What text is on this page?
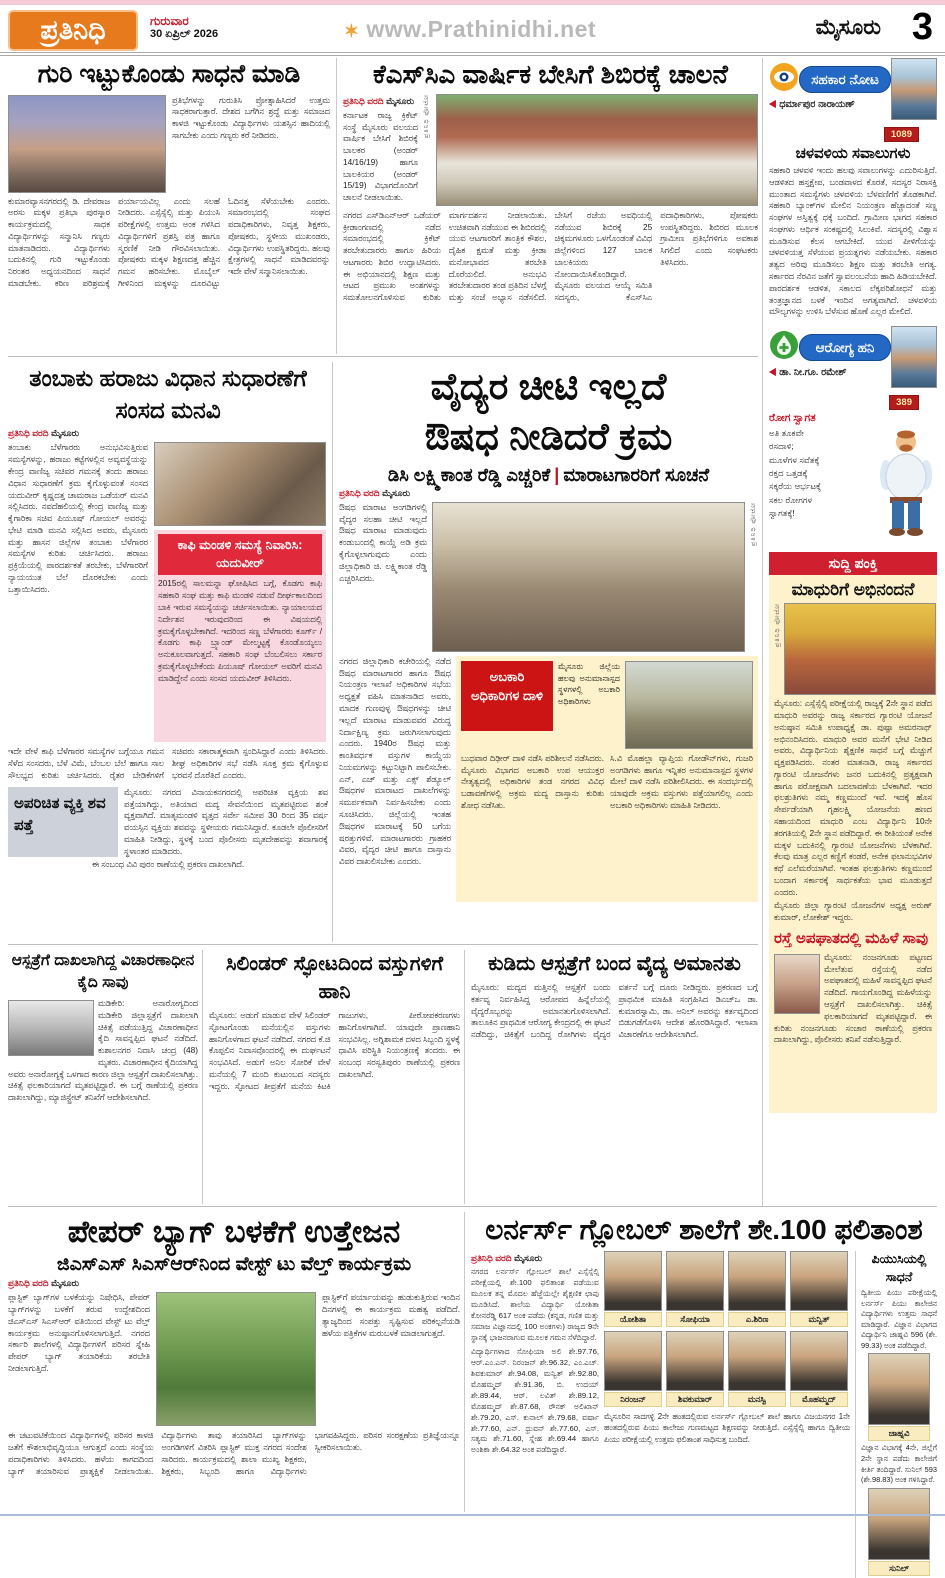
ಪ್ರತಿನಿಧಿ	ಗುರುವಾರ
30 ಏಪ್ರಿಲ್ 2026	✶ www.Prathinidhi.net	ಮೈಸೂರು 3
ಗುರಿ ಇಟ್ಟುಕೊಂಡು ಸಾಧನೆ ಮಾಡಿ
ಪ್ರತಿಭೆಗಳನ್ನು ಗುರುತಿಸಿ ಪ್ರೋತ್ಸಾಹಿಸಿದರೆ ಉತ್ತಮ ಸಾಧಕರಾಗುತ್ತಾರೆ. ದೇಶದ ಬಗೆಗಿನ ಶ್ರದ್ಧೆ ಮತ್ತು ಸಮಾಜದ ಕಾಳಜಿ ಇಟ್ಟುಕೊಂಡು ವಿದ್ಯಾರ್ಥಿಗಳು ಯಶಸ್ಸಿನ ಹಾದಿಯಲ್ಲಿ ಸಾಗಬೇಕು ಎಂದು ಗಣ್ಯರು ಕರೆ ನೀಡಿದರು.
ಕುಮಾರವ್ಯಾಸನಗರದಲ್ಲಿ ಡಿ. ದೇವರಾಜ ಅರಸು ಮಕ್ಕಳ ಪ್ರತಿಭಾ ಪುರಸ್ಕಾರ ಕಾರ್ಯಕ್ರಮದಲ್ಲಿ ಸಾಧಕ ವಿದ್ಯಾರ್ಥಿಗಳನ್ನು ಸನ್ಮಾನಿಸಿ ಗಣ್ಯರು ಮಾತನಾಡಿದರು. ವಿದ್ಯಾರ್ಥಿಗಳು ಬದುಕಿನಲ್ಲಿ ಗುರಿ ಇಟ್ಟುಕೊಂಡು ನಿರಂತರ ಅಧ್ಯಯನದಿಂದ ಸಾಧನೆ ಮಾಡಬೇಕು. ಕಠಿಣ ಪರಿಶ್ರಮಕ್ಕೆ ಪರ್ಯಾಯವಿಲ್ಲ ಎಂದು ಸಲಹೆ ನೀಡಿದರು. ಎಸ್ಸೆಸ್ಸೆಲ್ಸಿ ಮತ್ತು ಪಿಯುಸಿ ಪರೀಕ್ಷೆಗಳಲ್ಲಿ ಉತ್ತಮ ಅಂಕ ಗಳಿಸಿದ ವಿದ್ಯಾರ್ಥಿಗಳಿಗೆ ಪ್ರಶಸ್ತಿ ಪತ್ರ ಹಾಗೂ ಸ್ಮರಣಿಕೆ ನೀಡಿ ಗೌರವಿಸಲಾಯಿತು. ಪೋಷಕರು ಮಕ್ಕಳ ಶಿಕ್ಷಣದತ್ತ ಹೆಚ್ಚಿನ ಗಮನ ಹರಿಸಬೇಕು. ಮೊಬೈಲ್ ಗೀಳಿನಿಂದ ಮಕ್ಕಳನ್ನು ದೂರವಿಟ್ಟು ಓದಿನತ್ತ ಸೆಳೆಯಬೇಕು ಎಂದರು. ಸಮಾರಂಭದಲ್ಲಿ ಸಂಘದ ಪದಾಧಿಕಾರಿಗಳು, ನಿವೃತ್ತ ಶಿಕ್ಷಕರು, ಪೋಷಕರು, ಸ್ಥಳೀಯ ಮುಖಂಡರು, ವಿದ್ಯಾರ್ಥಿಗಳು ಉಪಸ್ಥಿತರಿದ್ದರು. ಹಲವು ಕ್ಷೇತ್ರಗಳಲ್ಲಿ ಸಾಧನೆ ಮಾಡಿದವರನ್ನು ಇದೇ ವೇಳೆ ಸನ್ಮಾನಿಸಲಾಯಿತು.
ಕೆಎಸ್‌ಸಿಎ ವಾರ್ಷಿಕ ಬೇಸಿಗೆ ಶಿಬಿರಕ್ಕೆ ಚಾಲನೆ
ಪ್ರತಿನಿಧಿ ವರದಿ ಮೈಸೂರು
ಕರ್ನಾಟಕ ರಾಜ್ಯ ಕ್ರಿಕೆಟ್ ಸಂಸ್ಥೆ ಮೈಸೂರು ವಲಯದ ವಾರ್ಷಿಕ ಬೇಸಿಗೆ ಶಿಬಿರಕ್ಕೆ ಬಾಲಕರ (ಅಂಡರ್ 14/16/19) ಹಾಗೂ ಬಾಲಕಿಯರ (ಅಂಡರ್ 15/19) ವಿಭಾಗದೊಂದಿಗೆ ಚಾಲನೆ ನೀಡಲಾಯಿತು.
ಪ್ರತಿನಿಧಿ ಫೋಟೋ
ನಗರದ ಎಸ್‌ಡಿಎನ್‌ಆರ್ ಒಡೆಯರ್ ಕ್ರೀಡಾಂಗಣದಲ್ಲಿ ನಡೆದ ಸಮಾರಂಭದಲ್ಲಿ ಕ್ರಿಕೆಟ್ ತರಬೇತುದಾರರು ಹಾಗೂ ಹಿರಿಯ ಆಟಗಾರರು ಶಿಬಿರ ಉದ್ಘಾಟಿಸಿದರು. ಈ ಅಭಿಯಾನದಲ್ಲಿ ಶಿಕ್ಷಣ ಮತ್ತು ಆಟದ ಪ್ರಮುಖ ಅಂಶಗಳನ್ನು ಸಮತೋಲನಗೊಳಿಸುವ ಕುರಿತು ಮಾರ್ಗದರ್ಶನ ನೀಡಲಾಯಿತು. ಉಚಿತವಾಗಿ ನಡೆಯುವ ಈ ಶಿಬಿರದಲ್ಲಿ ಯುವ ಆಟಗಾರರಿಗೆ ತಾಂತ್ರಿಕ ಕೌಶಲ, ದೈಹಿಕ ಕ್ಷಮತೆ ಮತ್ತು ಕ್ರೀಡಾ ಮನೋಭಾವದ ತರಬೇತಿ ದೊರೆಯಲಿದೆ. ಅನುಭವಿ ತರಬೇತುದಾರರ ತಂಡ ಪ್ರತಿದಿನ ಬೆಳಗ್ಗೆ ಮತ್ತು ಸಂಜೆ ಅಭ್ಯಾಸ ನಡೆಸಲಿದೆ. ಬೇಸಿಗೆ ರಜೆಯ ಅವಧಿಯಲ್ಲಿ ನಡೆಯುವ ಶಿಬಿರಕ್ಕೆ 25 ಚಿಕ್ಕಮಗಳೂರು ಒಳಗೊಂಡಂತೆ ವಿವಿಧ ಜಿಲ್ಲೆಗಳಿಂದ 127 ಬಾಲಕ ಬಾಲಕಿಯರು ನೋಂದಾಯಿಸಿಕೊಂಡಿದ್ದಾರೆ. ಮೈಸೂರು ವಲಯದ ಆಯ್ಕೆ ಸಮಿತಿ ಸದಸ್ಯರು, ಕೆಎಸ್‌ಸಿಎ ಪದಾಧಿಕಾರಿಗಳು, ಪೋಷಕರು ಉಪಸ್ಥಿತರಿದ್ದರು. ಶಿಬಿರದ ಮೂಲಕ ಗ್ರಾಮೀಣ ಪ್ರತಿಭೆಗಳಿಗೂ ಅವಕಾಶ ಸಿಗಲಿದೆ ಎಂದು ಸಂಘಟಕರು ತಿಳಿಸಿದರು.
ಸಹಕಾರ ನೋಟ
◀ ಧರ್ಮಾಪುರ ನಾರಾಯಣ್
1089
ಚಳವಳಿಯ ಸವಾಲುಗಳು
ಸಹಕಾರಿ ಚಳವಳಿ ಇಂದು ಹಲವು ಸವಾಲುಗಳನ್ನು ಎದುರಿಸುತ್ತಿದೆ. ಆಡಳಿತದ ಹಸ್ತಕ್ಷೇಪ, ಬಂಡವಾಳದ ಕೊರತೆ, ಸದಸ್ಯರ ನಿರಾಸಕ್ತಿ ಮುಂತಾದ ಸಮಸ್ಯೆಗಳು ಚಳವಳಿಯ ಬೆಳವಣಿಗೆಗೆ ತೊಡಕಾಗಿವೆ. ಸಹಕಾರಿ ಬ್ಯಾಂಕ್‌ಗಳ ಮೇಲಿನ ನಿಯಂತ್ರಣ ಹೆಚ್ಚಾದಂತೆ ಸಣ್ಣ ಸಂಘಗಳ ಅಸ್ತಿತ್ವಕ್ಕೆ ಧಕ್ಕೆ ಬಂದಿದೆ. ಗ್ರಾಮೀಣ ಭಾಗದ ಸಹಕಾರ ಸಂಘಗಳು ಆರ್ಥಿಕ ಸಂಕಷ್ಟದಲ್ಲಿ ಸಿಲುಕಿವೆ. ಸದಸ್ಯರಲ್ಲಿ ವಿಶ್ವಾಸ ಮೂಡಿಸುವ ಕೆಲಸ ಆಗಬೇಕಿದೆ. ಯುವ ಪೀಳಿಗೆಯನ್ನು ಚಳವಳಿಯತ್ತ ಸೆಳೆಯುವ ಪ್ರಯತ್ನಗಳು ನಡೆಯಬೇಕು. ಸಹಕಾರ ತತ್ವದ ಅರಿವು ಮೂಡಿಸಲು ಶಿಕ್ಷಣ ಮತ್ತು ತರಬೇತಿ ಅಗತ್ಯ. ಸರ್ಕಾರದ ನೆರವಿನ ಜತೆಗೆ ಸ್ವಾವಲಂಬನೆಯ ಹಾದಿ ಹಿಡಿಯಬೇಕಿದೆ. ಪಾರದರ್ಶಕ ಆಡಳಿತ, ಸಕಾಲದ ಲೆಕ್ಕಪರಿಶೋಧನೆ ಮತ್ತು ತಂತ್ರಜ್ಞಾನದ ಬಳಕೆ ಇಂದಿನ ಅಗತ್ಯವಾಗಿದೆ. ಚಳವಳಿಯ ಮೌಲ್ಯಗಳನ್ನು ಉಳಿಸಿ ಬೆಳೆಸುವ ಹೊಣೆ ಎಲ್ಲರ ಮೇಲಿದೆ.
ಆರೋಗ್ಯ ಹನಿ
◀ ಡಾ. ನೀ.ಗೂ. ರಮೇಶ್
389
ರೋಗ ಸ್ವಾಗತ
ಅತಿ ತೂಕವೇ
ರಸದಾಳಿ;
ಮೂಳೆಗಳ ಸವೆತಕ್ಕೆ
ರಕ್ತದ ಒತ್ತಡಕ್ಕೆ
ಸಕ್ಕರೆಯ ಆರ್ಭಟಕ್ಕೆ
ಸಕಲ ರೋಗಗಳ
ಸ್ವಾಗತಕ್ಕೆ!
ಸುದ್ದಿ ಪಂಕ್ತಿ
ಮಾಧುರಿಗೆ ಅಭಿನಂದನೆ
ಪ್ರತಿನಿಧಿ ಫೋಟೋ
ಮೈಸೂರು: ಎಸ್ಸೆಸ್ಸೆಲ್ಸಿ ಪರೀಕ್ಷೆಯಲ್ಲಿ ರಾಜ್ಯಕ್ಕೆ 2ನೇ ಸ್ಥಾನ ಪಡೆದ ಮಾಧುರಿ ಅವರನ್ನು ರಾಜ್ಯ ಸರ್ಕಾರದ ಗ್ಯಾರಂಟಿ ಯೋಜನೆ ಅನುಷ್ಠಾನ ಸಮಿತಿ ಉಪಾಧ್ಯಕ್ಷೆ ಡಾ. ಪುಷ್ಪಾ ಅಮರನಾಥ್ ಅಭಿನಂದಿಸಿದರು. ಮಾಧುರಿ ಅವರ ಮನೆಗೆ ಭೇಟಿ ನೀಡಿದ ಅವರು, ವಿದ್ಯಾರ್ಥಿನಿಯ ಶೈಕ್ಷಣಿಕ ಸಾಧನೆ ಬಗ್ಗೆ ಮೆಚ್ಚುಗೆ ವ್ಯಕ್ತಪಡಿಸಿದರು. ನಂತರ ಮಾತನಾಡಿ, ರಾಜ್ಯ ಸರ್ಕಾರದ ಗ್ಯಾರಂಟಿ ಯೋಜನೆಗಳು ಜನರ ಬದುಕಿನಲ್ಲಿ ಪ್ರತ್ಯಕ್ಷವಾಗಿ ಹಾಗೂ ಪರೋಕ್ಷವಾಗಿ ಬದಲಾವಣೆಯ ಬೆಳಕಾಗಿವೆ. ಇದರ ಫಲಶ್ರುತಿಗಳು ನಮ್ಮ ಕಣ್ಣಮುಂದೆ ಇವೆ. ಇದಕ್ಕೆ ಹೊಸ ಸೇರ್ಪಡೆಯಾಗಿ ಗೃಹಲಕ್ಷ್ಮಿ ಯೋಜನೆಯ ಹಣದ ಸಹಾಯದಿಂದ ಮಾಧುರಿ ಎಂಬ ವಿದ್ಯಾರ್ಥಿನಿ 10ನೇ ತರಗತಿಯಲ್ಲಿ 2ನೇ ಸ್ಥಾನ ಪಡೆದಿದ್ದಾರೆ. ಈ ರೀತಿಯಂತೆ ಅನೇಕ ಮಕ್ಕಳ ಬದುಕಿನಲ್ಲಿ ಗ್ಯಾರಂಟಿ ಯೋಜನೆಗಳು ಬೆಳಕಾಗಿವೆ. ಕೆಲವು ಮಾತ್ರ ಎಲ್ಲರ ಕಣ್ಣಿಗೆ ಕಂಡರೆ, ಅನೇಕ ಫಲಾನುಭವಿಗಳ ಕಥೆ ಎಲೆಮರೆಯಾಗಿವೆ. ಇಂತಹ ಫಲಶ್ರುತಿಗಳು ಕಣ್ಣಮುಂದೆ ಬಂದಾಗ ಸರ್ಕಾರಕ್ಕೆ ಸಾರ್ಥಕತೆಯ ಭಾವ ಮೂಡುತ್ತದೆ ಎಂದರು.
ಮೈಸೂರು ಜಿಲ್ಲಾ ಗ್ಯಾರಂಟಿ ಯೋಜನೆಗಳ ಅಧ್ಯಕ್ಷ ಅರುಣ್ ಕುಮಾರ್, ಲೋಕೇಶ್ ಇದ್ದರು.
ರಸ್ತೆ ಅಪಘಾತದಲ್ಲಿ ಮಹಿಳೆ ಸಾವು
ಮೈಸೂರು: ನಂಜನಗೂಡು ಪಟ್ಟಣದ ಮೇಲೆತುವ ರಸ್ತೆಯಲ್ಲಿ ನಡೆದ ಅಪಘಾತದಲ್ಲಿ ಮಹಿಳೆ ಸಾವನ್ನಪ್ಪಿದ ಘಟನೆ ನಡೆದಿದೆ. ಗಾಯಗೊಂಡಿದ್ದ ಮಹಿಳೆಯನ್ನು ಆಸ್ಪತ್ರೆಗೆ ದಾಖಲಿಸಲಾಗಿತ್ತು. ಚಿಕಿತ್ಸೆ ಫಲಕಾರಿಯಾಗದೆ ಮೃತಪಟ್ಟಿದ್ದಾರೆ. ಈ ಕುರಿತು ನಂಜನಗೂಡು ಸಂಚಾರ ಠಾಣೆಯಲ್ಲಿ ಪ್ರಕರಣ ದಾಖಲಾಗಿದ್ದು, ಪೊಲೀಸರು ತನಿಖೆ ನಡೆಸುತ್ತಿದ್ದಾರೆ.
ತಂಬಾಕು ಹರಾಜು ವಿಧಾನ ಸುಧಾರಣೆಗೆ ಸಂಸದ ಮನವಿ
ಪ್ರತಿನಿಧಿ ವರದಿ ಮೈಸೂರು
ತಂಬಾಕು ಬೆಳೆಗಾರರು ಅನುಭವಿಸುತ್ತಿರುವ ಸಮಸ್ಯೆಗಳನ್ನು, ಹರಾಜು ಕಟ್ಟೆಗಳಲ್ಲಿನ ಅವ್ಯವಸ್ಥೆಯನ್ನು ಕೇಂದ್ರ ವಾಣಿಜ್ಯ ಸಚಿವರ ಗಮನಕ್ಕೆ ತಂದು ಹರಾಜು ವಿಧಾನ ಸುಧಾರಣೆಗೆ ಕ್ರಮ ಕೈಗೊಳ್ಳುವಂತೆ ಸಂಸದ ಯದುವೀರ್ ಕೃಷ್ಣದತ್ತ ಚಾಮರಾಜ ಒಡೆಯರ್ ಮನವಿ ಸಲ್ಲಿಸಿದರು. ನವದೆಹಲಿಯಲ್ಲಿ ಕೇಂದ್ರ ವಾಣಿಜ್ಯ ಮತ್ತು ಕೈಗಾರಿಕಾ ಸಚಿವ ಪಿಯೂಷ್ ಗೋಯಲ್ ಅವರನ್ನು ಭೇಟಿ ಮಾಡಿ ಮನವಿ ಸಲ್ಲಿಸಿದ ಅವರು, ಮೈಸೂರು ಮತ್ತು ಹಾಸನ ಜಿಲ್ಲೆಗಳ ತಂಬಾಕು ಬೆಳೆಗಾರರ ಸಮಸ್ಯೆಗಳ ಕುರಿತು ಚರ್ಚಿಸಿದರು. ಹರಾಜು ಪ್ರಕ್ರಿಯೆಯಲ್ಲಿ ಪಾರದರ್ಶಕತೆ ತರಬೇಕು, ಬೆಳೆಗಾರರಿಗೆ ನ್ಯಾಯಯುತ ಬೆಲೆ ದೊರಕಬೇಕು ಎಂದು ಒತ್ತಾಯಿಸಿದರು.
ಕಾಫಿ ಮಂಡಳಿ ಸಮಸ್ಯೆ ನಿವಾರಿಸಿ: ಯದುವೀರ್
2015ರಲ್ಲಿ ಸಾಲಮನ್ನಾ ಘೋಷಿಸಿದ ಬಗ್ಗೆ, ಕೊಡಗು ಕಾಫಿ ಸಹಕಾರಿ ಸಂಘ ಮತ್ತು ಕಾಫಿ ಮಂಡಳಿ ನಡುವೆ ದೀರ್ಘಕಾಲದಿಂದ ಬಾಕಿ ಇರುವ ಸಮಸ್ಯೆಯನ್ನು ಚರ್ಚಿಸಲಾಯಿತು. ನ್ಯಾಯಾಲಯದ ನಿರ್ದೇಶನ ಇರುವುದರಿಂದ ಈ ವಿಷಯದಲ್ಲಿ ಕ್ರಮಕೈಗೊಳ್ಳಬೇಕಾಗಿದೆ. ಇದರಿಂದ ಸಣ್ಣ ಬೆಳೆಗಾರರು ಕೂರ್ಗ್ / ಕೊಡಗು ಕಾಫಿ ಬ್ರ್ಯಾಂಡ್ ಮೇಲ್ಮಟ್ಟಕ್ಕೆ ಕೊಂಡೊಯ್ಯಲು ಅನುಕೂಲವಾಗುತ್ತದೆ. ಸಹಕಾರಿ ಸಂಘ ಬೆಂಬಲಿಸಲು ಸರ್ಕಾರ ಕ್ರಮಕೈಗೊಳ್ಳಬೇಕೆಂದು ಪಿಯೂಷ್ ಗೋಯಲ್ ಅವರಿಗೆ ಮನವಿ ಮಾಡಿದ್ದೇನೆ ಎಂದು ಸಂಸದ ಯದುವೀರ್ ತಿಳಿಸಿದರು.
ಇದೇ ವೇಳೆ ಕಾಫಿ ಬೆಳೆಗಾರರ ಸಮಸ್ಯೆಗಳ ಬಗ್ಗೆಯೂ ಗಮನ ಸೆಳೆದ ಸಂಸದರು, ಬೆಳೆ ವಿಮೆ, ಬೆಂಬಲ ಬೆಲೆ ಹಾಗೂ ಸಾಲ ಸೌಲಭ್ಯದ ಕುರಿತು ಚರ್ಚಿಸಿದರು. ರೈತರ ಬೇಡಿಕೆಗಳಿಗೆ ಸಚಿವರು ಸಕಾರಾತ್ಮಕವಾಗಿ ಸ್ಪಂದಿಸಿದ್ದಾರೆ ಎಂದು ತಿಳಿಸಿದರು. ಶೀಘ್ರ ಅಧಿಕಾರಿಗಳ ಸಭೆ ನಡೆಸಿ ಸೂಕ್ತ ಕ್ರಮ ಕೈಗೊಳ್ಳುವ ಭರವಸೆ ದೊರೆತಿದೆ ಎಂದರು.
ಅಪರಿಚಿತ ವ್ಯಕ್ತಿ ಶವ ಪತ್ತೆ
ಮೈಸೂರು: ನಗರದ ವಿನಾಯಕನಗರದಲ್ಲಿ ಅಪರಿಚಿತ ವ್ಯಕ್ತಿಯ ಶವ ಪತ್ತೆಯಾಗಿದ್ದು, ಅತಿಯಾದ ಮದ್ಯ ಸೇವನೆಯಿಂದ ಮೃತಪಟ್ಟಿರುವ ಶಂಕೆ ವ್ಯಕ್ತವಾಗಿದೆ. ಮಾತೃಮಂಡಳಿ ವೃತ್ತದ ಸರ್ವೇ ಸಮೀಪ 30 ರಿಂದ 35 ವರ್ಷ ವಯಸ್ಸಿನ ವ್ಯಕ್ತಿಯ ಶವವನ್ನು ಸ್ಥಳೀಯರು ಗಮನಿಸಿದ್ದಾರೆ. ಕೂಡಲೇ ಪೊಲೀಸರಿಗೆ ಮಾಹಿತಿ ನೀಡಿದ್ದು, ಸ್ಥಳಕ್ಕೆ ಬಂದ ಪೊಲೀಸರು ಮೃತದೇಹವನ್ನು ಶವಾಗಾರಕ್ಕೆ ಸ್ಥಳಾಂತರ ಮಾಡಿದರು.
ಈ ಸಂಬಂಧ ವಿವಿ ಪುರಂ ಠಾಣೆಯಲ್ಲಿ ಪ್ರಕರಣ ದಾಖಲಾಗಿದೆ.
ವೈದ್ಯರ ಚೀಟಿ ಇಲ್ಲದೆ
ಔಷಧ ನೀಡಿದರೆ ಕ್ರಮ
ಡಿಸಿ ಲಕ್ಷ್ಮಿಕಾಂತ ರೆಡ್ಡಿ ಎಚ್ಚರಿಕೆ | ಮಾರಾಟಗಾರರಿಗೆ ಸೂಚನೆ
ಪ್ರತಿನಿಧಿ ವರದಿ ಮೈಸೂರು
ಔಷಧ ಮಾರಾಟ ಅಂಗಡಿಗಳಲ್ಲಿ ವೈದ್ಯರ ಸಲಹಾ ಚೀಟಿ ಇಲ್ಲದೆ ಔಷಧ ಮಾರಾಟ ಮಾಡುವುದು ಕಂಡುಬಂದಲ್ಲಿ ಕಾಯ್ದೆ ಅಡಿ ಕ್ರಮ ಕೈಗೊಳ್ಳಲಾಗುವುದು ಎಂದು ಜಿಲ್ಲಾಧಿಕಾರಿ ಜಿ. ಲಕ್ಷ್ಮಿಕಾಂತ ರೆಡ್ಡಿ ಎಚ್ಚರಿಸಿದರು.
ಪ್ರತಿನಿಧಿ ಫೋಟೋ
ನಗರದ ಜಿಲ್ಲಾಧಿಕಾರಿ ಕಚೇರಿಯಲ್ಲಿ ನಡೆದ ಔಷಧ ಮಾರಾಟಗಾರರ ಹಾಗೂ ಔಷಧ ನಿಯಂತ್ರಣ ಇಲಾಖೆ ಅಧಿಕಾರಿಗಳ ಸಭೆಯ ಅಧ್ಯಕ್ಷತೆ ವಹಿಸಿ ಮಾತನಾಡಿದ ಅವರು, ಮಾದಕ ಗುಣವುಳ್ಳ ಔಷಧಗಳನ್ನು ಚೀಟಿ ಇಲ್ಲದೆ ಮಾರಾಟ ಮಾಡುವವರ ವಿರುದ್ಧ ನಿರ್ದಾಕ್ಷಿಣ್ಯ ಕ್ರಮ ಜರುಗಿಸಲಾಗುವುದು ಎಂದರು. 1940ರ ಔಷಧ ಮತ್ತು ಕಾಂತಿವರ್ಧಕ ವಸ್ತುಗಳ ಕಾಯ್ದೆಯ ನಿಯಮಗಳನ್ನು ಕಟ್ಟುನಿಟ್ಟಾಗಿ ಪಾಲಿಸಬೇಕು. ಎನ್, ಎಚ್ ಮತ್ತು ಎಕ್ಸ್ ಶೆಡ್ಯೂಲ್ ಔಷಧಗಳ ಮಾರಾಟದ ದಾಖಲೆಗಳನ್ನು ಸಮರ್ಪಕವಾಗಿ ನಿರ್ವಹಿಸಬೇಕು ಎಂದು ಸೂಚಿಸಿದರು. ಜಿಲ್ಲೆಯಲ್ಲಿ ಇಂತಹ ಔಷಧಗಳ ಮಾರಾಟಕ್ಕೆ 50 ಬಗೆಯ ಷರತ್ತುಗಳಿವೆ. ಮಾರಾಟಗಾರರು ಗ್ರಾಹಕರ ವಿವರ, ವೈದ್ಯರ ಚೀಟಿ ಹಾಗೂ ದಾಸ್ತಾನು ವಿವರ ದಾಖಲಿಸಬೇಕು ಎಂದರು.
ಅಬಕಾರಿ ಅಧಿಕಾರಿಗಳ ದಾಳಿ
ಮೈಸೂರು ಜಿಲ್ಲೆಯ ಹಲವು ಅನುಮಾನಾಸ್ಪದ ಸ್ಥಳಗಳಲ್ಲಿ ಅಬಕಾರಿ ಅಧಿಕಾರಿಗಳು
ಬುಧವಾರ ದಿಢೀರ್ ದಾಳಿ ನಡೆಸಿ ಪರಿಶೀಲನೆ ನಡೆಸಿದರು. ಮೈಸೂರು ವಿಭಾಗದ ಅಬಕಾರಿ ಉಪ ಆಯುಕ್ತರ ನೇತೃತ್ವದಲ್ಲಿ ಅಧಿಕಾರಿಗಳ ತಂಡ ನಗರದ ವಿವಿಧ ಬಡಾವಣೆಗಳಲ್ಲಿ ಅಕ್ರಮ ಮದ್ಯ ದಾಸ್ತಾನು ಕುರಿತು ಶೋಧ ನಡೆಸಿತು.
ಸಿ.ವಿ ಮೊಹಲ್ಲಾ ವ್ಯಾಪ್ತಿಯ ಗೋಡೌನ್‌ಗಳು, ಗುಜರಿ ಅಂಗಡಿಗಳು ಹಾಗೂ ಇನ್ನಿತರ ಅನುಮಾನಾಸ್ಪದ ಸ್ಥಳಗಳ ಮೇಲೆ ದಾಳಿ ನಡೆಸಿ ಪರಿಶೀಲಿಸಿದರು. ಈ ಸಂದರ್ಭದಲ್ಲಿ ಯಾವುದೇ ಅಕ್ರಮ ವಸ್ತುಗಳು ಪತ್ತೆಯಾಗಲಿಲ್ಲ ಎಂದು ಅಬಕಾರಿ ಅಧಿಕಾರಿಗಳು ಮಾಹಿತಿ ನೀಡಿದರು.
ಆಸ್ಪತ್ರೆಗೆ ದಾಖಲಾಗಿದ್ದ ವಿಚಾರಣಾಧೀನ ಕೈದಿ ಸಾವು
ಮಡಿಕೇರಿ: ಅನಾರೋಗ್ಯದಿಂದ ಮಡಿಕೇರಿ ಜಿಲ್ಲಾಸ್ಪತ್ರೆಗೆ ದಾಖಲಾಗಿ ಚಿಕಿತ್ಸೆ ಪಡೆಯುತ್ತಿದ್ದ ವಿಚಾರಣಾಧೀನ ಕೈದಿ ಸಾವನ್ನಪ್ಪಿದ ಘಟನೆ ನಡೆದಿದೆ. ಕುಶಾಲನಗರ ನಿವಾಸಿ ಚಂದ್ರ (48) ಮೃತರು. ವಿಚಾರಣಾಧೀನ ಕೈದಿಯಾಗಿದ್ದ ಅವರು ಅನಾರೋಗ್ಯಕ್ಕೆ ಒಳಗಾದ ಕಾರಣ ಜಿಲ್ಲಾ ಆಸ್ಪತ್ರೆಗೆ ದಾಖಲಿಸಲಾಗಿತ್ತು. ಚಿಕಿತ್ಸೆ ಫಲಕಾರಿಯಾಗದೆ ಮೃತಪಟ್ಟಿದ್ದಾರೆ. ಈ ಬಗ್ಗೆ ಠಾಣೆಯಲ್ಲಿ ಪ್ರಕರಣ ದಾಖಲಾಗಿದ್ದು, ಮ್ಯಾಜಿಸ್ಟ್ರೇಟ್ ತನಿಖೆಗೆ ಆದೇಶಿಸಲಾಗಿದೆ.
ಸಿಲಿಂಡರ್ ಸ್ಫೋಟದಿಂದ ವಸ್ತುಗಳಿಗೆ ಹಾನಿ
ಮೈಸೂರು: ಅಡುಗೆ ಮಾಡುವ ವೇಳೆ ಸಿಲಿಂಡರ್ ಸ್ಫೋಟಗೊಂಡು ಮನೆಯಲ್ಲಿನ ವಸ್ತುಗಳು ಹಾನಿಗೊಳಗಾದ ಘಟನೆ ನಡೆದಿದೆ. ನಗರದ ಕೆ.ಜಿ ಕೊಪ್ಪಲಿನ ನಿವಾಸವೊಂದರಲ್ಲಿ ಈ ದುರ್ಘಟನೆ ಸಂಭವಿಸಿದೆ. ಅಡುಗೆ ಅನಿಲ ಸೋರಿಕೆ ವೇಳೆ ಮನೆಯಲ್ಲಿ 7 ಮಂದಿ ಕುಟುಂಬದ ಸದಸ್ಯರು ಇದ್ದರು. ಸ್ಫೋಟದ ತೀವ್ರತೆಗೆ ಮನೆಯ ಕಿಟಕಿ ಗಾಜುಗಳು, ಪೀಠೋಪಕರಣಗಳು ಹಾನಿಗೊಳಗಾಗಿವೆ. ಯಾವುದೇ ಪ್ರಾಣಹಾನಿ ಸಂಭವಿಸಿಲ್ಲ. ಅಗ್ನಿಶಾಮಕ ದಳದ ಸಿಬ್ಬಂದಿ ಸ್ಥಳಕ್ಕೆ ಧಾವಿಸಿ ಪರಿಸ್ಥಿತಿ ನಿಯಂತ್ರಣಕ್ಕೆ ತಂದರು. ಈ ಸಂಬಂಧ ಸರಸ್ವತಿಪುರಂ ಠಾಣೆಯಲ್ಲಿ ಪ್ರಕರಣ ದಾಖಲಾಗಿದೆ.
ಕುಡಿದು ಆಸ್ಪತ್ರೆಗೆ ಬಂದ ವೈದ್ಯ ಅಮಾನತು
ಮೈಸೂರು: ಮದ್ಯದ ಮತ್ತಿನಲ್ಲಿ ಆಸ್ಪತ್ರೆಗೆ ಬಂದು ಕರ್ತವ್ಯ ನಿರ್ವಹಿಸಿದ್ದ ಆರೋಪದ ಹಿನ್ನೆಲೆಯಲ್ಲಿ ವೈದ್ಯರೊಬ್ಬರನ್ನು ಅಮಾನತುಗೊಳಿಸಲಾಗಿದೆ. ತಾಲೂಕಿನ ಪ್ರಾಥಮಿಕ ಆರೋಗ್ಯ ಕೇಂದ್ರದಲ್ಲಿ ಈ ಘಟನೆ ನಡೆದಿದ್ದು, ಚಿಕಿತ್ಸೆಗೆ ಬಂದಿದ್ದ ರೋಗಿಗಳು ವೈದ್ಯರ ವರ್ತನೆ ಬಗ್ಗೆ ದೂರು ನೀಡಿದ್ದರು. ಪ್ರಕರಣದ ಬಗ್ಗೆ ಪ್ರಾಥಮಿಕ ಮಾಹಿತಿ ಸಂಗ್ರಹಿಸಿದ ಡಿಎಚ್‌ಒ ಡಾ. ಕುಮಾರಸ್ವಾಮಿ, ಡಾ. ಅನಿಲ್ ಅವರನ್ನು ಕರ್ತವ್ಯದಿಂದ ಬಿಡುಗಡೆಗೊಳಿಸಿ ಆದೇಶ ಹೊರಡಿಸಿದ್ದಾರೆ. ಇಲಾಖಾ ವಿಚಾರಣೆಗೂ ಆದೇಶಿಸಲಾಗಿದೆ.
ಪೇಪರ್ ಬ್ಯಾಗ್ ಬಳಕೆಗೆ ಉತ್ತೇಜನ
ಜಿಎಸ್‌ಎಸ್ ಸಿಎಸ್‌ಆರ್‌ನಿಂದ ವೇಸ್ಟ್ ಟು ವೆಲ್ತ್ ಕಾರ್ಯಕ್ರಮ
ಪ್ರತಿನಿಧಿ ವರದಿ ಮೈಸೂರು
ಪ್ಲಾಸ್ಟಿಕ್ ಬ್ಯಾಗ್‌ಗಳ ಬಳಕೆಯನ್ನು ನಿಷೇಧಿಸಿ, ಪೇಪರ್ ಬ್ಯಾಗ್‌ಗಳನ್ನು ಬಳಕೆಗೆ ತರುವ ಉದ್ದೇಶದಿಂದ ಜಿಎಸ್‌ಎಸ್ ಸಿಎಸ್‌ಆರ್ ವತಿಯಿಂದ ವೇಸ್ಟ್ ಟು ವೆಲ್ತ್ ಕಾರ್ಯಕ್ರಮ ಅನುಷ್ಠಾನಗೊಳಿಸಲಾಗುತ್ತಿದೆ. ನಗರದ ಸರ್ಕಾರಿ ಶಾಲೆಗಳಲ್ಲಿ ವಿದ್ಯಾರ್ಥಿಗಳಿಗೆ ಪರಿಸರ ಸ್ನೇಹಿ ಪೇಪರ್ ಬ್ಯಾಗ್ ತಯಾರಿಕೆಯ ತರಬೇತಿ ನೀಡಲಾಗುತ್ತಿದೆ.
ಪ್ಲಾಸ್ಟಿಕ್‌ಗೆ ಪರ್ಯಾಯವನ್ನು ಹುಡುಕುತ್ತಿರುವ ಇಂದಿನ ದಿನಗಳಲ್ಲಿ ಈ ಕಾರ್ಯಕ್ರಮ ಮಹತ್ವ ಪಡೆದಿದೆ. ತ್ಯಾಜ್ಯದಿಂದ ಸಂಪತ್ತು ಸೃಷ್ಟಿಸುವ ಪರಿಕಲ್ಪನೆಯಡಿ ಹಳೆಯ ಪತ್ರಿಕೆಗಳ ಮರುಬಳಕೆ ಮಾಡಲಾಗುತ್ತದೆ.
ಈ ಚಟುವಟಿಕೆಯಿಂದ ವಿದ್ಯಾರ್ಥಿಗಳಲ್ಲಿ ಪರಿಸರ ಕಾಳಜಿ ಜತೆಗೆ ಕೌಶಲಾಭಿವೃದ್ಧಿಯೂ ಆಗುತ್ತದೆ ಎಂದು ಸಂಸ್ಥೆಯ ಪದಾಧಿಕಾರಿಗಳು ತಿಳಿಸಿದರು. ಹಳೆಯ ಕಾಗದದಿಂದ ಬ್ಯಾಗ್ ತಯಾರಿಸುವ ಪ್ರಾತ್ಯಕ್ಷಿಕೆ ನೀಡಲಾಯಿತು. ವಿದ್ಯಾರ್ಥಿಗಳು ತಾವು ತಯಾರಿಸಿದ ಬ್ಯಾಗ್‌ಗಳನ್ನು ಅಂಗಡಿಗಳಿಗೆ ವಿತರಿಸಿ ಪ್ಲಾಸ್ಟಿಕ್ ಮುಕ್ತ ನಗರದ ಸಂದೇಶ ಸಾರಿದರು. ಕಾರ್ಯಕ್ರಮದಲ್ಲಿ ಶಾಲಾ ಮುಖ್ಯ ಶಿಕ್ಷಕರು, ಶಿಕ್ಷಕರು, ಸಿಬ್ಬಂದಿ ಹಾಗೂ ವಿದ್ಯಾರ್ಥಿಗಳು ಭಾಗವಹಿಸಿದ್ದರು. ಪರಿಸರ ಸಂರಕ್ಷಣೆಯ ಪ್ರತಿಜ್ಞೆಯನ್ನೂ ಸ್ವೀಕರಿಸಲಾಯಿತು.
ಲರ್ನರ್ಸ್ ಗ್ಲೋಬಲ್ ಶಾಲೆಗೆ ಶೇ.100 ಫಲಿತಾಂಶ
ಪ್ರತಿನಿಧಿ ವರದಿ ಮೈಸೂರು
ನಗರದ ಲರ್ನರ್ಸ್ ಗ್ಲೋಬಲ್ ಶಾಲೆ ಎಸ್ಸೆಸ್ಸೆಲ್ಸಿ ಪರೀಕ್ಷೆಯಲ್ಲಿ ಶೇ.100 ಫಲಿತಾಂಶ ಪಡೆಯುವ ಮೂಲಕ ತನ್ನ ಮೊದಲ ಹೆಜ್ಜೆಯಲ್ಲೇ ಶೈಕ್ಷಣಿಕ ಛಾಪು ಮೂಡಿಸಿದೆ. ಶಾಲೆಯ ವಿದ್ಯಾರ್ಥಿ ಯೋಶಿತಾ ಕೋನರೆಡ್ಡಿ 617 ಅಂಕ ಪಡೆದು (ಕನ್ನಡ, ಗಣಿತ ಮತ್ತು ಸಮಾಜ ವಿಜ್ಞಾನದಲ್ಲಿ 100 ಅಂಕಗಳು) ರಾಜ್ಯದ 9ನೇ ಸ್ಥಾನಕ್ಕೆ ಭಾಜನರಾಗುವ ಮೂಲಕ ಗಮನ ಸೆಳೆದಿದ್ದಾರೆ.
ವಿದ್ಯಾರ್ಥಿಗಳಾದ ಸೋಫಿಯಾ ಅಲಿ ಶೇ.97.76, ಆರ್.ಎಂ.ಎನ್. ನಿರಂಜನ್ ಶೇ.96.32, ಎಂ.ಎಚ್. ಶಿವಕುಮಾರ್ ಶೇ.94.08, ಮನ್ವಿತ್ ಶೇ.92.80, ಮೊಹಮ್ಮದ್ ಶೇ.91.36, ಬಿ. ಉದಯ್ ಶೇ.89.44, ಆರ್. ಲವಿತ್ ಶೇ.89.12, ಮೊಹಮ್ಮದ್ ಶೇ.87.68, ರೌನಕ್ ಅಲಿಖಾನ್ ಶೇ.79.20, ಎಸ್. ಕುನಾಲ್ ಶೇ.79.68, ವರ್ಷಾ ಶೇ.77.60, ಎನ್. ಧ್ರುವನ್ ಶೇ.77.60, ಎಸ್. ಸತ್ಯಮ ಶೇ.71.60, ಸ್ನೇಹ ಶೇ.69.44 ಹಾಗೂ ಅಂಶಿಕಾ ಶೇ.64.32 ಅಂಕ ಪಡೆದಿದ್ದಾರೆ.
ಯೋಶಿತಾ	ಸೋಫಿಯಾ	ಎ.ಶಿರಿಣ	ಮನ್ವಿತ್
ನಿರಂಜನ್	ಶಿವಕುಮಾರ್	ಮನಸ್ವಿ	ಮೊಹಮ್ಮದ್
ಮೈಸೂರಿನ ಸಾದಗಳ್ಳಿ 2ನೇ ಹಂತದಲ್ಲಿರುವ ಲರ್ನರ್ಸ್ ಗ್ಲೋಬಲ್ ಶಾಲೆ ಹಾಗೂ ವಿಜಯನಗರ 1ನೇ ಹಂತದಲ್ಲಿರುವ ಪಿಯು ಕಾಲೇಜು ಗುಣಮಟ್ಟದ ಶಿಕ್ಷಣವನ್ನು ನೀಡುತ್ತಿದೆ. ಎಸ್ಸೆಸ್ಸೆಲ್ಸಿ ಹಾಗೂ ದ್ವಿತೀಯ ಪಿಯು ಪರೀಕ್ಷೆಯಲ್ಲಿ ಉತ್ತಮ ಫಲಿತಾಂಶ ಸಾಧಿಸುತ್ತ ಬಂದಿದೆ.
ಪಿಯುಸಿಯಲ್ಲಿ ಸಾಧನೆ
ದ್ವಿತೀಯ ಪಿಯು ಪರೀಕ್ಷೆಯಲ್ಲಿ ಲರ್ನರ್ಸ್ ಪಿಯು ಕಾಲೇಜಿನ ವಿದ್ಯಾರ್ಥಿಗಳು ಉತ್ತಮ ಸಾಧನೆ ಮಾಡಿದ್ದಾರೆ. ವಿಜ್ಞಾನ ವಿಭಾಗದ ವಿದ್ಯಾರ್ಥಿನಿ ಜಾಹ್ನವಿ 596 (ಶೇ. 99.33) ಅಂಕ ಪಡೆದಿದ್ದಾರೆ.
ಜಾಹ್ನವಿ
ವಿಜ್ಞಾನ ವಿಭಾಗಕ್ಕೆ 4ನೇ, ಜಿಲ್ಲೆಗೆ 2ನೇ ಸ್ಥಾನ ಪಡೆದು ಕಾಲೇಜಿಗೆ ಕೀರ್ತಿ ತಂದಿದ್ದಾರೆ. ಸುನಿಲ್ 593 (ಶೇ.98.83) ಅಂಕ ಗಳಿಸಿದ್ದಾರೆ.
ಸುನಿಲ್
